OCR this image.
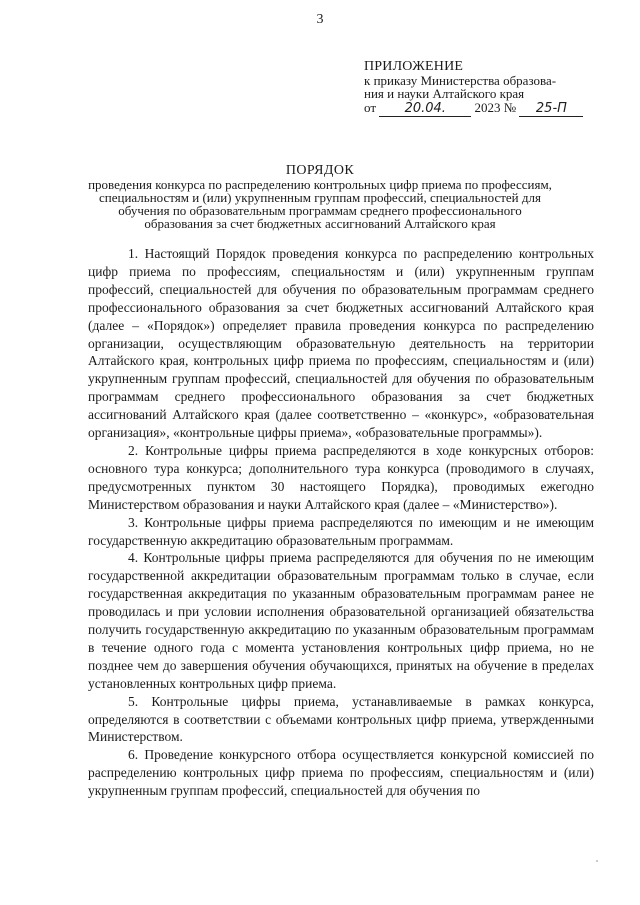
3
ПРИЛОЖЕНИЕ
к приказу Министерства образова-
ния и науки Алтайского края
от 20.04. 2023 № 25-П
ПОРЯДОК
проведения конкурса по распределению контрольных цифр приема по профессиям, специальностям и (или) укрупненным группам профессий, специальностей для обучения по образовательным программам среднего профессионального образования за счет бюджетных ассигнований Алтайского края

1. Настоящий Порядок проведения конкурса по распределению контрольных цифр приема по профессиям, специальностям и (или) укрупненным группам профессий, специальностей для обучения по образовательным программам среднего профессионального образования за счет бюджетных ассигнований Алтайского края (далее – «Порядок») определяет правила проведения конкурса по распределению организации, осуществляющим образовательную деятельность на территории Алтайского края, контрольных цифр приема по профессиям, специальностям и (или) укрупненным группам профессий, специальностей для обучения по образовательным программам среднего профессионального образования за счет бюджетных ассигнований Алтайского края (далее соответственно – «конкурс», «образовательная организация», «контрольные цифры приема», «образовательные программы»).

2. Контрольные цифры приема распределяются в ходе конкурсных отборов: основного тура конкурса; дополнительного тура конкурса (проводимого в случаях, предусмотренных пунктом 30 настоящего Порядка), проводимых ежегодно Министерством образования и науки Алтайского края (далее – «Министерство»).

3. Контрольные цифры приема распределяются по имеющим и не имеющим государственную аккредитацию образовательным программам.

4. Контрольные цифры приема распределяются для обучения по не имеющим государственной аккредитации образовательным программам только в случае, если государственная аккредитация по указанным образовательным программам ранее не проводилась и при условии исполнения образовательной организацией обязательства получить государственную аккредитацию по указанным образовательным программам в течение одного года с момента установления контрольных цифр приема, но не позднее чем до завершения обучения обучающихся, принятых на обучение в пределах установленных контрольных цифр приема.

5. Контрольные цифры приема, устанавливаемые в рамках конкурса, определяются в соответствии с объемами контрольных цифр приема, утвержденными Министерством.

6. Проведение конкурсного отбора осуществляется конкурсной комиссией по распределению контрольных цифр приема по профессиям, специальностям и (или) укрупненным группам профессий, специальностей для обучения по
